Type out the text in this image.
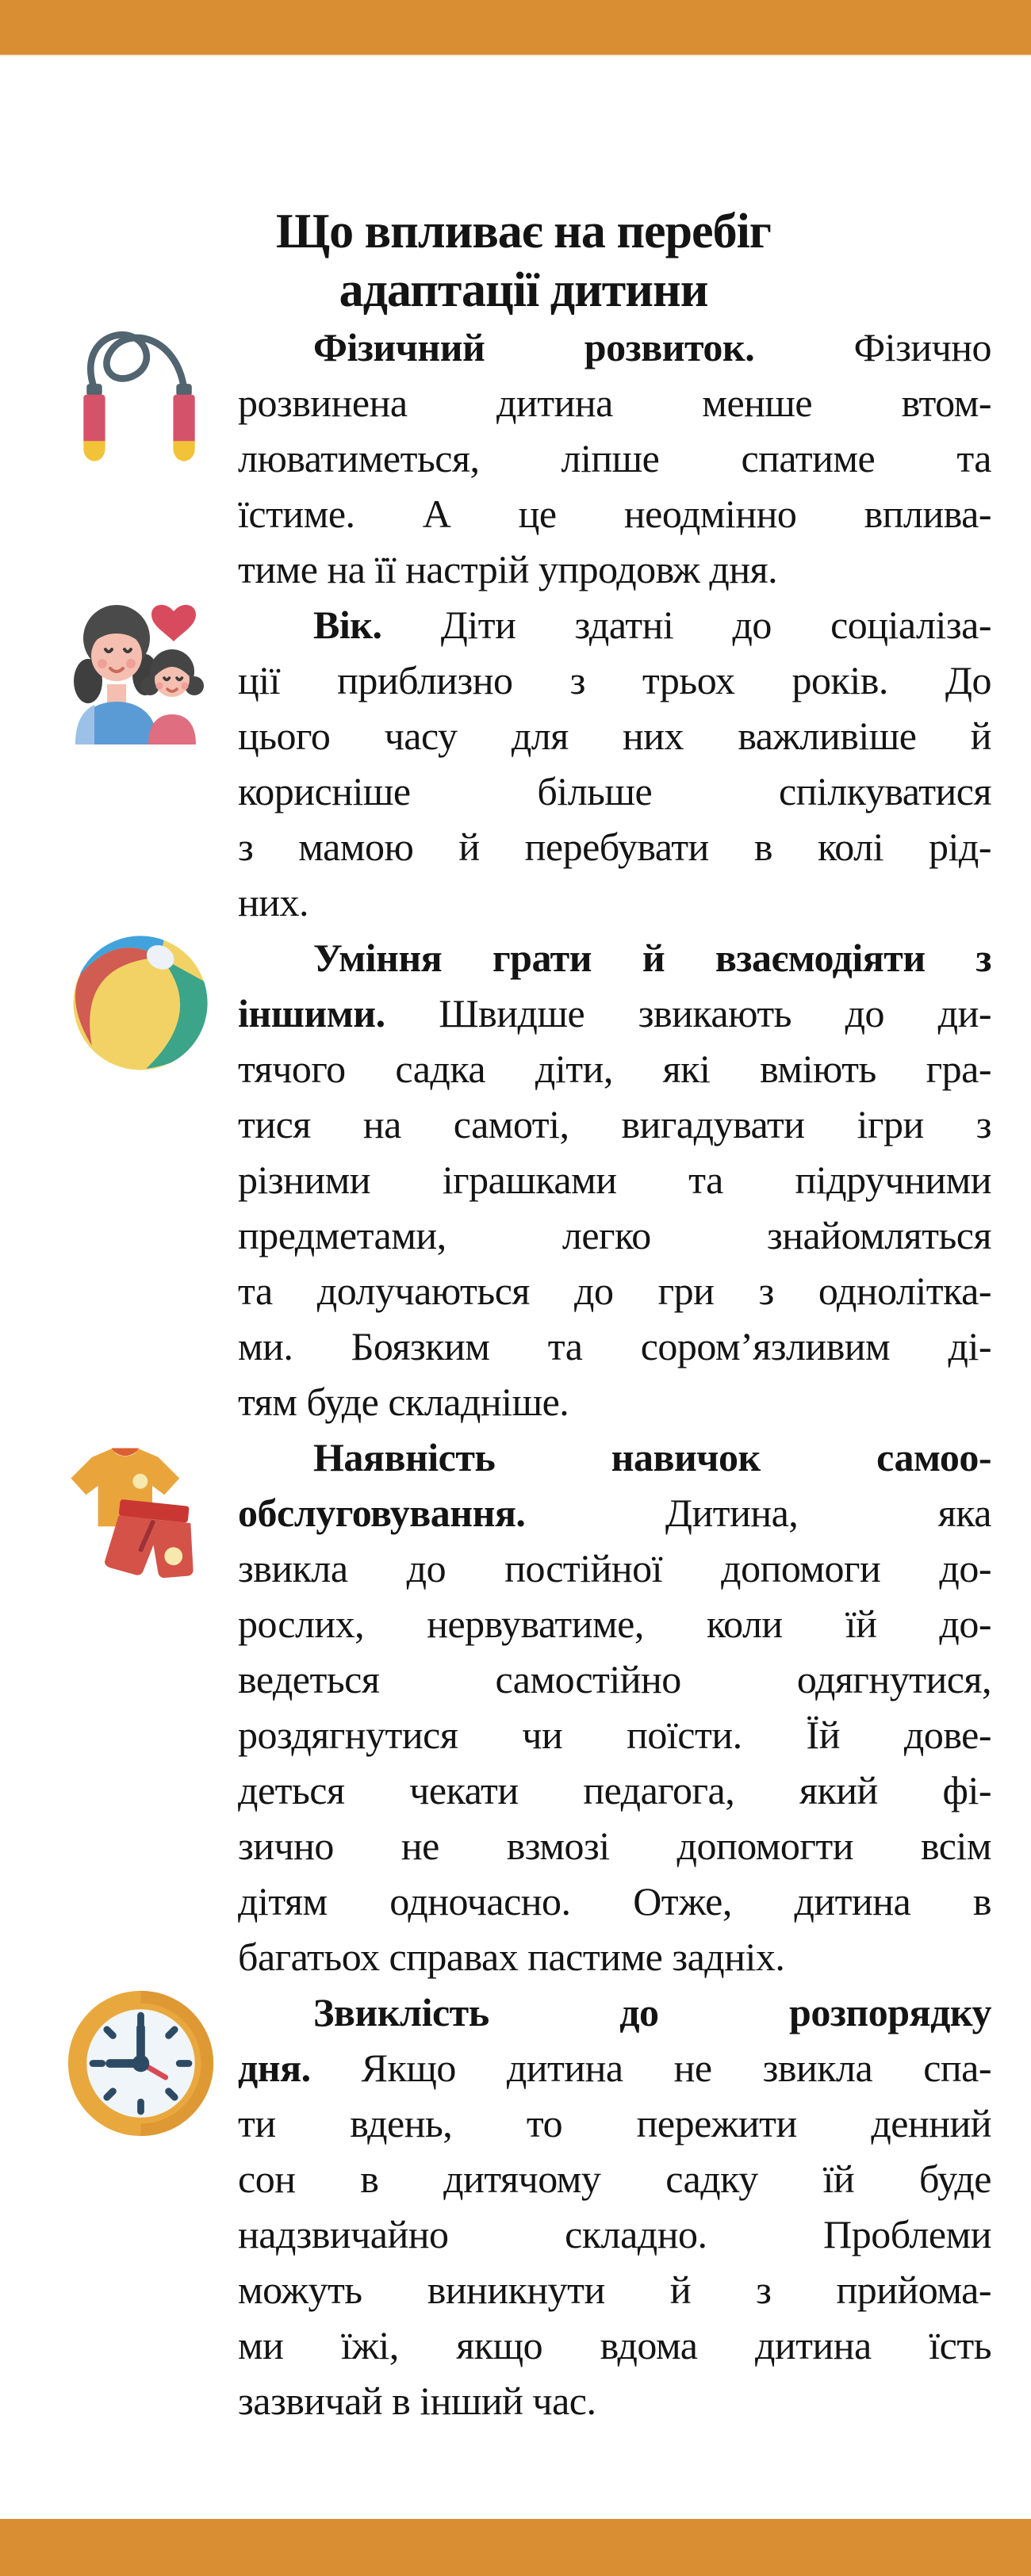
Що впливає на перебіг
адаптації дитини
Фізичний розвиток. Фізично
розвинена дитина менше втом-
люватиметься, ліпше спатиме та
їстиме. А це неодмінно вплива-
тиме на її настрій упродовж дня.
Вік. Діти здатні до соціаліза-
ції приблизно з трьох років. До
цього часу для них важливіше й
корисніше більше спілкуватися
з мамою й перебувати в колі рід-
них.
Уміння грати й взаємодіяти з
іншими. Швидше звикають до ди-
тячого садка діти, які вміють гра-
тися на самоті, вигадувати ігри з
різними іграшками та підручними
предметами, легко знайомляться
та долучаються до гри з однолітка-
ми. Боязким та сором’язливим ді-
тям буде складніше.
Наявність навичок самоо-
обслуговування. Дитина, яка
звикла до постійної допомоги до-
рослих, нервуватиме, коли їй до-
ведеться самостійно одягнутися,
роздягнутися чи поїсти. Їй дове-
деться чекати педагога, який фі-
зично не взмозі допомогти всім
дітям одночасно. Отже, дитина в
багатьох справах пастиме задніх.
Звиклість до розпорядку
дня. Якщо дитина не звикла спа-
ти вдень, то пережити денний
сон в дитячому садку їй буде
надзвичайно складно. Проблеми
можуть виникнути й з прийома-
ми їжі, якщо вдома дитина їсть
зазвичай в інший час.
